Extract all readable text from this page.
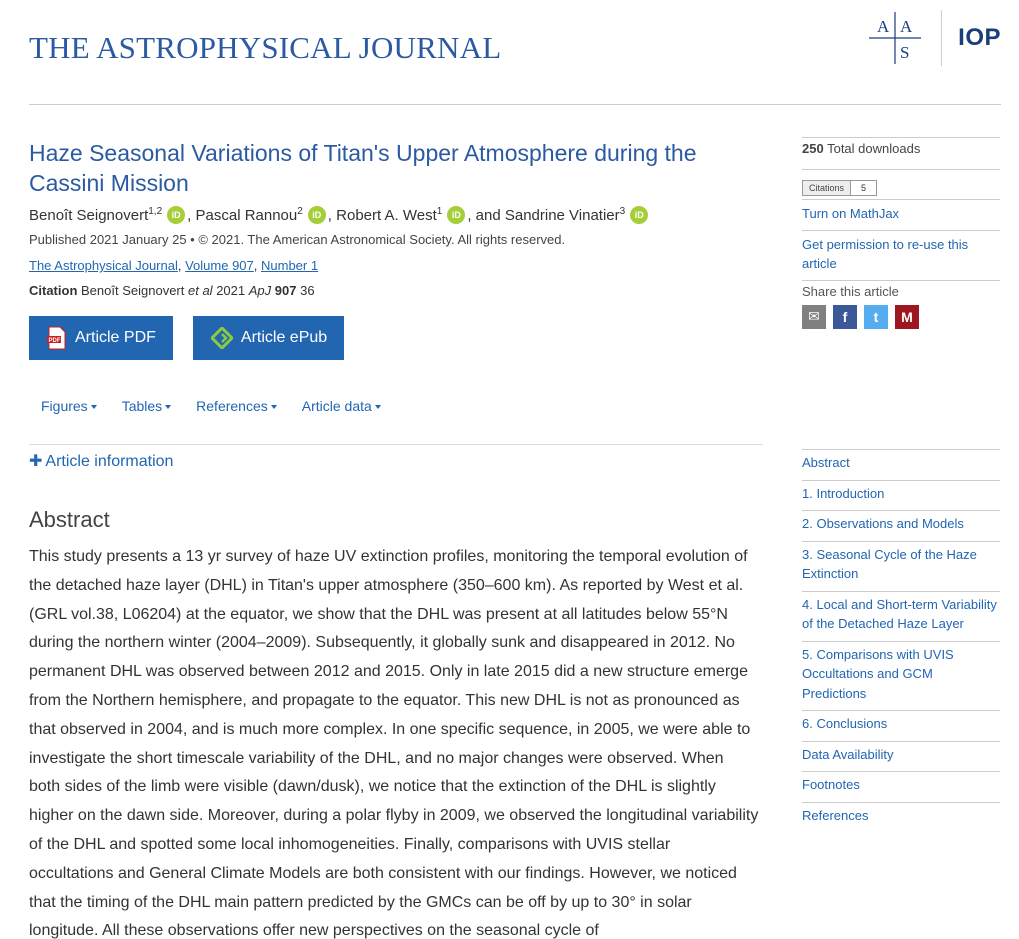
THE ASTROPHYSICAL JOURNAL
A A
S
IOP
Haze Seasonal Variations of Titan's Upper Atmosphere during the Cassini Mission
Benoît Seignovert$^{1,2}$ iD , Pascal Rannou$^2$ iD , Robert A. West$^1$ iD , and Sandrine Vinatier$^3$ iD
Published 2021 January 25 • © 2021. The American Astronomical Society. All rights reserved.
The Astrophysical Journal, Volume 907, Number 1
Citation Benoît Seignovert et al 2021 ApJ 907 36
PDF Article PDF	Article ePub
Figures	Tables	References	Article data
✚ Article information
Abstract

This study presents a 13 yr survey of haze UV extinction profiles, monitoring the temporal evolution of the detached haze layer (DHL) in Titan's upper atmosphere (350–600 km). As reported by West et al. (GRL vol.38, L06204) at the equator, we show that the DHL was present at all latitudes below 55°N during the northern winter (2004–2009). Subsequently, it globally sunk and disappeared in 2012. No permanent DHL was observed between 2012 and 2015. Only in late 2015 did a new structure emerge from the Northern hemisphere, and propagate to the equator. This new DHL is not as pronounced as that observed in 2004, and is much more complex. In one specific sequence, in 2005, we were able to investigate the short timescale variability of the DHL, and no major changes were observed. When both sides of the limb were visible (dawn/dusk), we notice that the extinction of the DHL is slightly higher on the dawn side. Moreover, during a polar flyby in 2009, we observed the longitudinal variability of the DHL and spotted some local inhomogeneities. Finally, comparisons with UVIS stellar occultations and General Climate Models are both consistent with our findings. However, we noticed that the timing of the DHL main pattern predicted by the GMCs can be off by up to 30° in solar longitude. All these observations offer new perspectives on the seasonal cycle of

250 Total downloads
Citations	5
Turn on MathJax
Get permission to re-use this article
Share this article
✉	f	t	M
Abstract
1. Introduction
2. Observations and Models
3. Seasonal Cycle of the Haze Extinction
4. Local and Short-term Variability of the Detached Haze Layer
5. Comparisons with UVIS Occultations and GCM Predictions
6. Conclusions
Data Availability
Footnotes
References
